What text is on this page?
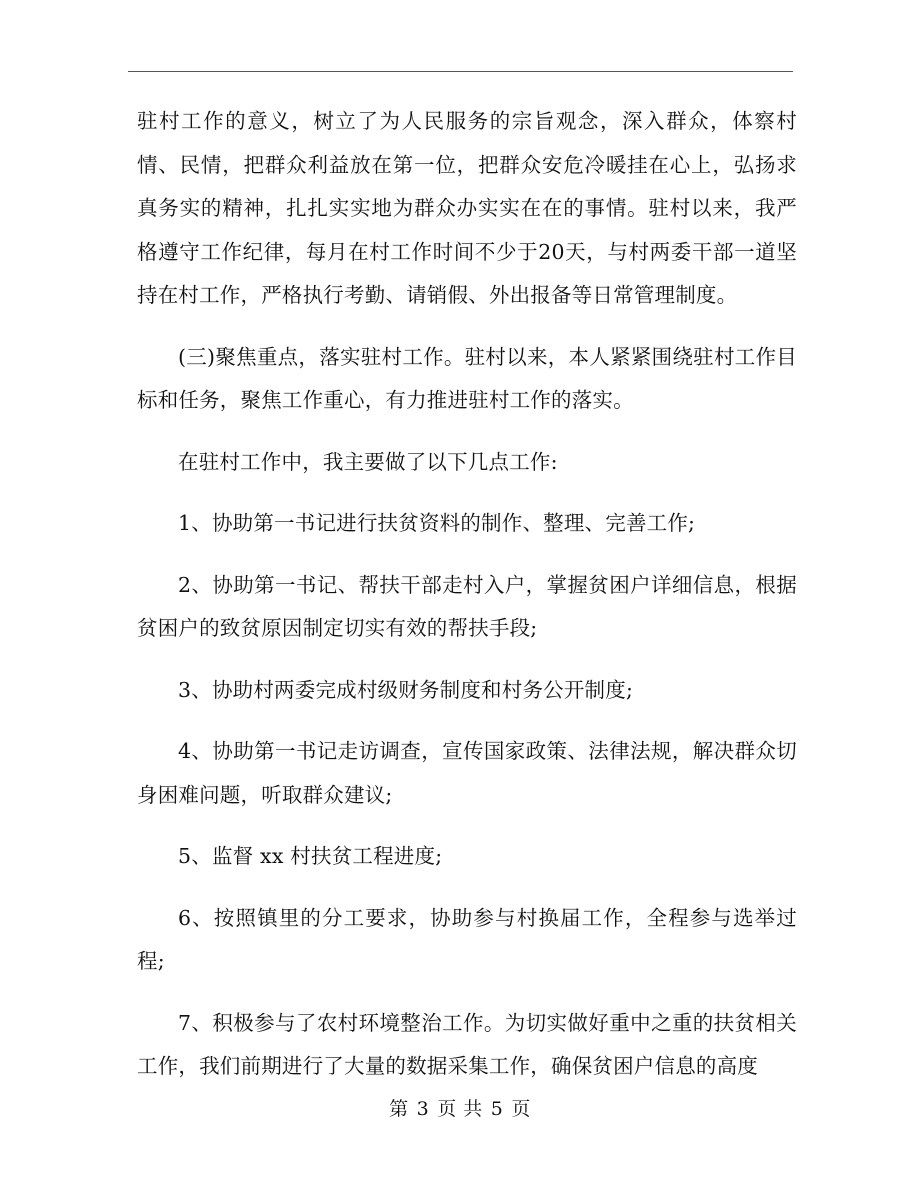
驻村工作的意义，树立了为人民服务的宗旨观念，深入群众，体察村情、民情，把群众利益放在第一位，把群众安危冷暖挂在心上，弘扬求真务实的精神，扎扎实实地为群众办实实在在的事情。驻村以来，我严格遵守工作纪律，每月在村工作时间不少于20天，与村两委干部一道坚持在村工作，严格执行考勤、请销假、外出报备等日常管理制度。

(三)聚焦重点，落实驻村工作。驻村以来，本人紧紧围绕驻村工作目标和任务，聚焦工作重心，有力推进驻村工作的落实。

在驻村工作中，我主要做了以下几点工作:

1、协助第一书记进行扶贫资料的制作、整理、完善工作;

2、协助第一书记、帮扶干部走村入户，掌握贫困户详细信息，根据贫困户的致贫原因制定切实有效的帮扶手段;

3、协助村两委完成村级财务制度和村务公开制度;

4、协助第一书记走访调查，宣传国家政策、法律法规，解决群众切身困难问题，听取群众建议;

5、监督 xx 村扶贫工程进度;

6、按照镇里的分工要求，协助参与村换届工作，全程参与选举过程;

7、积极参与了农村环境整治工作。为切实做好重中之重的扶贫相关工作，我们前期进行了大量的数据采集工作，确保贫困户信息的高度

第 3 页 共 5 页
